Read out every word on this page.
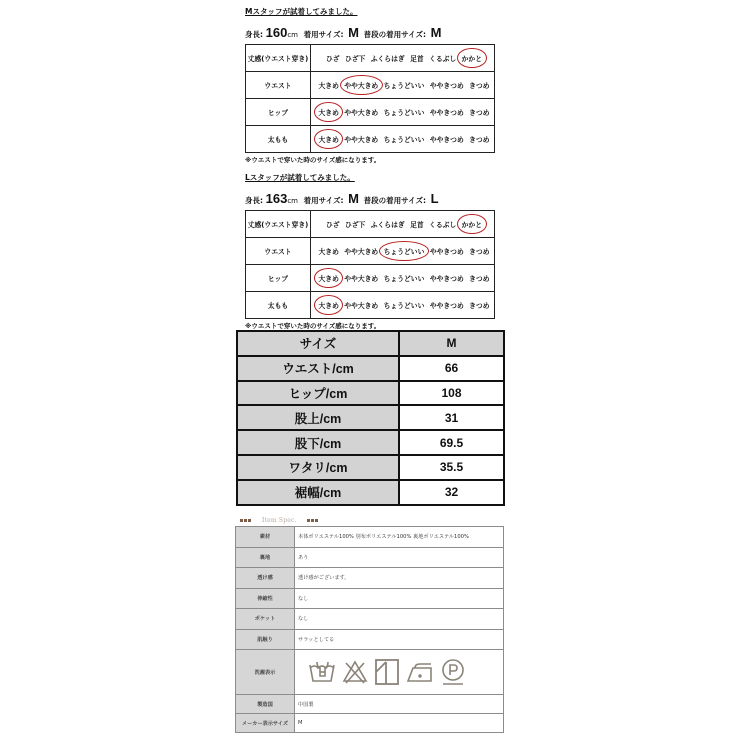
Mスタッフが試着してみました。
身長: 160cm 着用サイズ: M 普段の着用サイズ: M
丈感(ウエスト穿き)	ひざ ひざ下 ふくらはぎ 足首 くるぶし かかと
ウエスト	大きめ やや大きめ ちょうどいい ややきつめ きつめ
ヒップ	大きめ やや大きめ ちょうどいい ややきつめ きつめ
太もも	大きめ やや大きめ ちょうどいい ややきつめ きつめ
※ウエストで穿いた時のサイズ感になります。
Lスタッフが試着してみました。
身長: 163cm 着用サイズ: M 普段の着用サイズ: L
丈感(ウエスト穿き)	ひざ ひざ下 ふくらはぎ 足首 くるぶし かかと
ウエスト	大きめ やや大きめ ちょうどいい ややきつめ きつめ
ヒップ	大きめ やや大きめ ちょうどいい ややきつめ きつめ
太もも	大きめ やや大きめ ちょうどいい ややきつめ きつめ
※ウエストで穿いた時のサイズ感になります。
サイズ	M
ウエスト/cm	66
ヒップ/cm	108
股上/cm	31
股下/cm	69.5
ワタリ/cm	35.5
裾幅/cm	32
Item Spec.
素材	本体ポリエステル100% 別布ポリエステル100% 裏地ポリエステル100%
裏地	あり
透け感	透け感がございます。
伸縮性	なし
ポケット	なし
肌触り	サラッとしてる
洗濯表示	

製造国	中国製
メーカー表示サイズ	M
